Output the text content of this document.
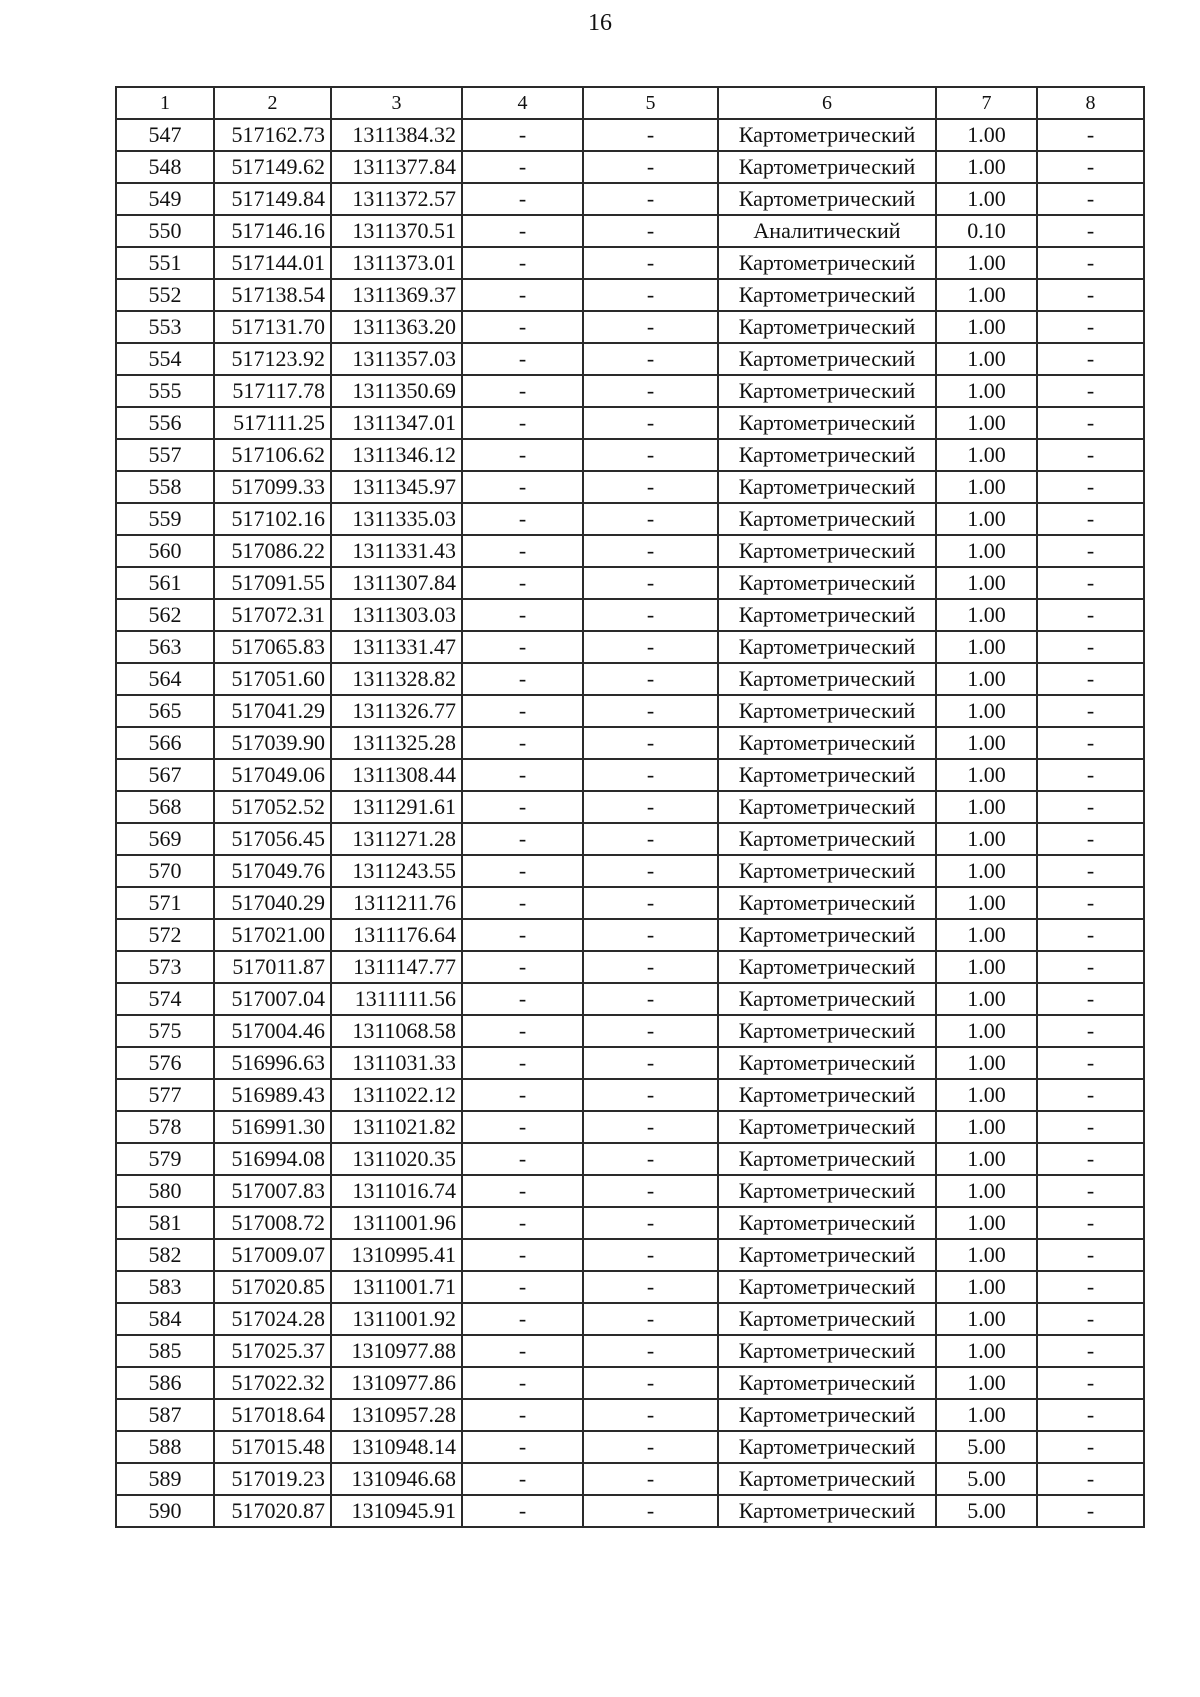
16
1	2	3	4	5	6	7	8
547	517162.73	1311384.32	-	-	Картометрический	1.00	-
548	517149.62	1311377.84	-	-	Картометрический	1.00	-
549	517149.84	1311372.57	-	-	Картометрический	1.00	-
550	517146.16	1311370.51	-	-	Аналитический	0.10	-
551	517144.01	1311373.01	-	-	Картометрический	1.00	-
552	517138.54	1311369.37	-	-	Картометрический	1.00	-
553	517131.70	1311363.20	-	-	Картометрический	1.00	-
554	517123.92	1311357.03	-	-	Картометрический	1.00	-
555	517117.78	1311350.69	-	-	Картометрический	1.00	-
556	517111.25	1311347.01	-	-	Картометрический	1.00	-
557	517106.62	1311346.12	-	-	Картометрический	1.00	-
558	517099.33	1311345.97	-	-	Картометрический	1.00	-
559	517102.16	1311335.03	-	-	Картометрический	1.00	-
560	517086.22	1311331.43	-	-	Картометрический	1.00	-
561	517091.55	1311307.84	-	-	Картометрический	1.00	-
562	517072.31	1311303.03	-	-	Картометрический	1.00	-
563	517065.83	1311331.47	-	-	Картометрический	1.00	-
564	517051.60	1311328.82	-	-	Картометрический	1.00	-
565	517041.29	1311326.77	-	-	Картометрический	1.00	-
566	517039.90	1311325.28	-	-	Картометрический	1.00	-
567	517049.06	1311308.44	-	-	Картометрический	1.00	-
568	517052.52	1311291.61	-	-	Картометрический	1.00	-
569	517056.45	1311271.28	-	-	Картометрический	1.00	-
570	517049.76	1311243.55	-	-	Картометрический	1.00	-
571	517040.29	1311211.76	-	-	Картометрический	1.00	-
572	517021.00	1311176.64	-	-	Картометрический	1.00	-
573	517011.87	1311147.77	-	-	Картометрический	1.00	-
574	517007.04	1311111.56	-	-	Картометрический	1.00	-
575	517004.46	1311068.58	-	-	Картометрический	1.00	-
576	516996.63	1311031.33	-	-	Картометрический	1.00	-
577	516989.43	1311022.12	-	-	Картометрический	1.00	-
578	516991.30	1311021.82	-	-	Картометрический	1.00	-
579	516994.08	1311020.35	-	-	Картометрический	1.00	-
580	517007.83	1311016.74	-	-	Картометрический	1.00	-
581	517008.72	1311001.96	-	-	Картометрический	1.00	-
582	517009.07	1310995.41	-	-	Картометрический	1.00	-
583	517020.85	1311001.71	-	-	Картометрический	1.00	-
584	517024.28	1311001.92	-	-	Картометрический	1.00	-
585	517025.37	1310977.88	-	-	Картометрический	1.00	-
586	517022.32	1310977.86	-	-	Картометрический	1.00	-
587	517018.64	1310957.28	-	-	Картометрический	1.00	-
588	517015.48	1310948.14	-	-	Картометрический	5.00	-
589	517019.23	1310946.68	-	-	Картометрический	5.00	-
590	517020.87	1310945.91	-	-	Картометрический	5.00	-
